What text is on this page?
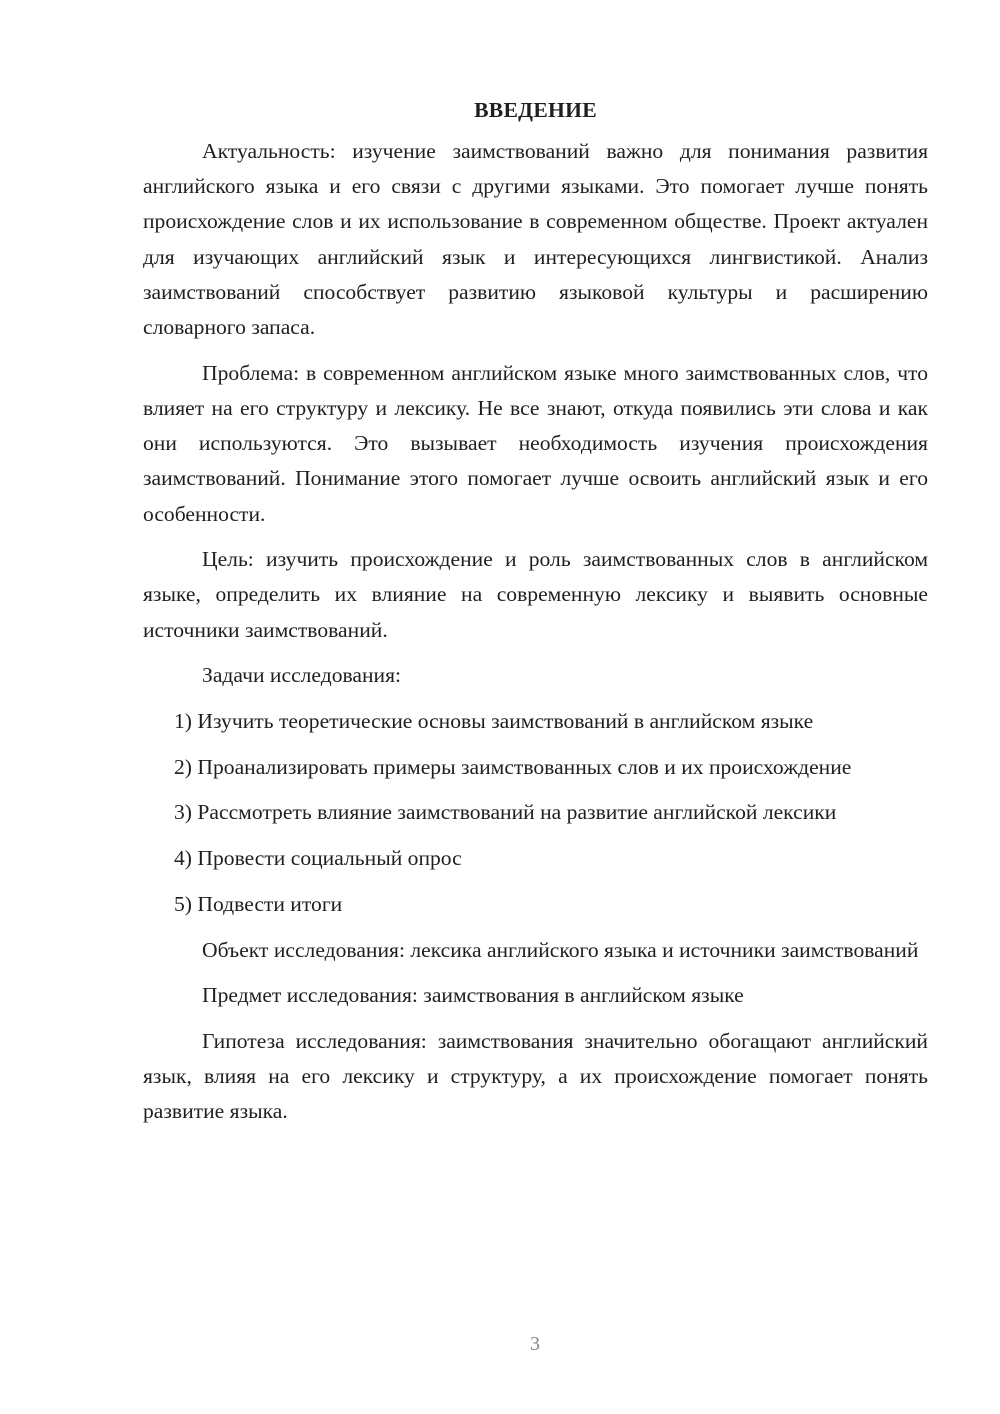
ВВЕДЕНИЕ

Актуальность: изучение заимствований важно для понимания развития английского языка и его связи с другими языками. Это помогает лучше понять происхождение слов и их использование в современном обществе. Проект актуален для изучающих английский язык и интересующихся лингвистикой. Анализ заимствований способствует развитию языковой культуры и расширению словарного запаса.

Проблема: в современном английском языке много заимствованных слов, что влияет на его структуру и лексику. Не все знают, откуда появились эти слова и как они используются. Это вызывает необходимость изучения происхождения заимствований. Понимание этого помогает лучше освоить английский язык и его особенности.

Цель: изучить происхождение и роль заимствованных слов в английском языке, определить их влияние на современную лексику и выявить основные источники заимствований.

Задачи исследования:

1) Изучить теоретические основы заимствований в английском языке

2) Проанализировать примеры заимствованных слов и их происхождение

3) Рассмотреть влияние заимствований на развитие английской лексики

4) Провести социальный опрос

5) Подвести итоги

Объект исследования: лексика английского языка и источники заимствований

Предмет исследования: заимствования в английском языке

Гипотеза исследования: заимствования значительно обогащают английский язык, влияя на его лексику и структуру, а их происхождение помогает понять развитие языка.

3
